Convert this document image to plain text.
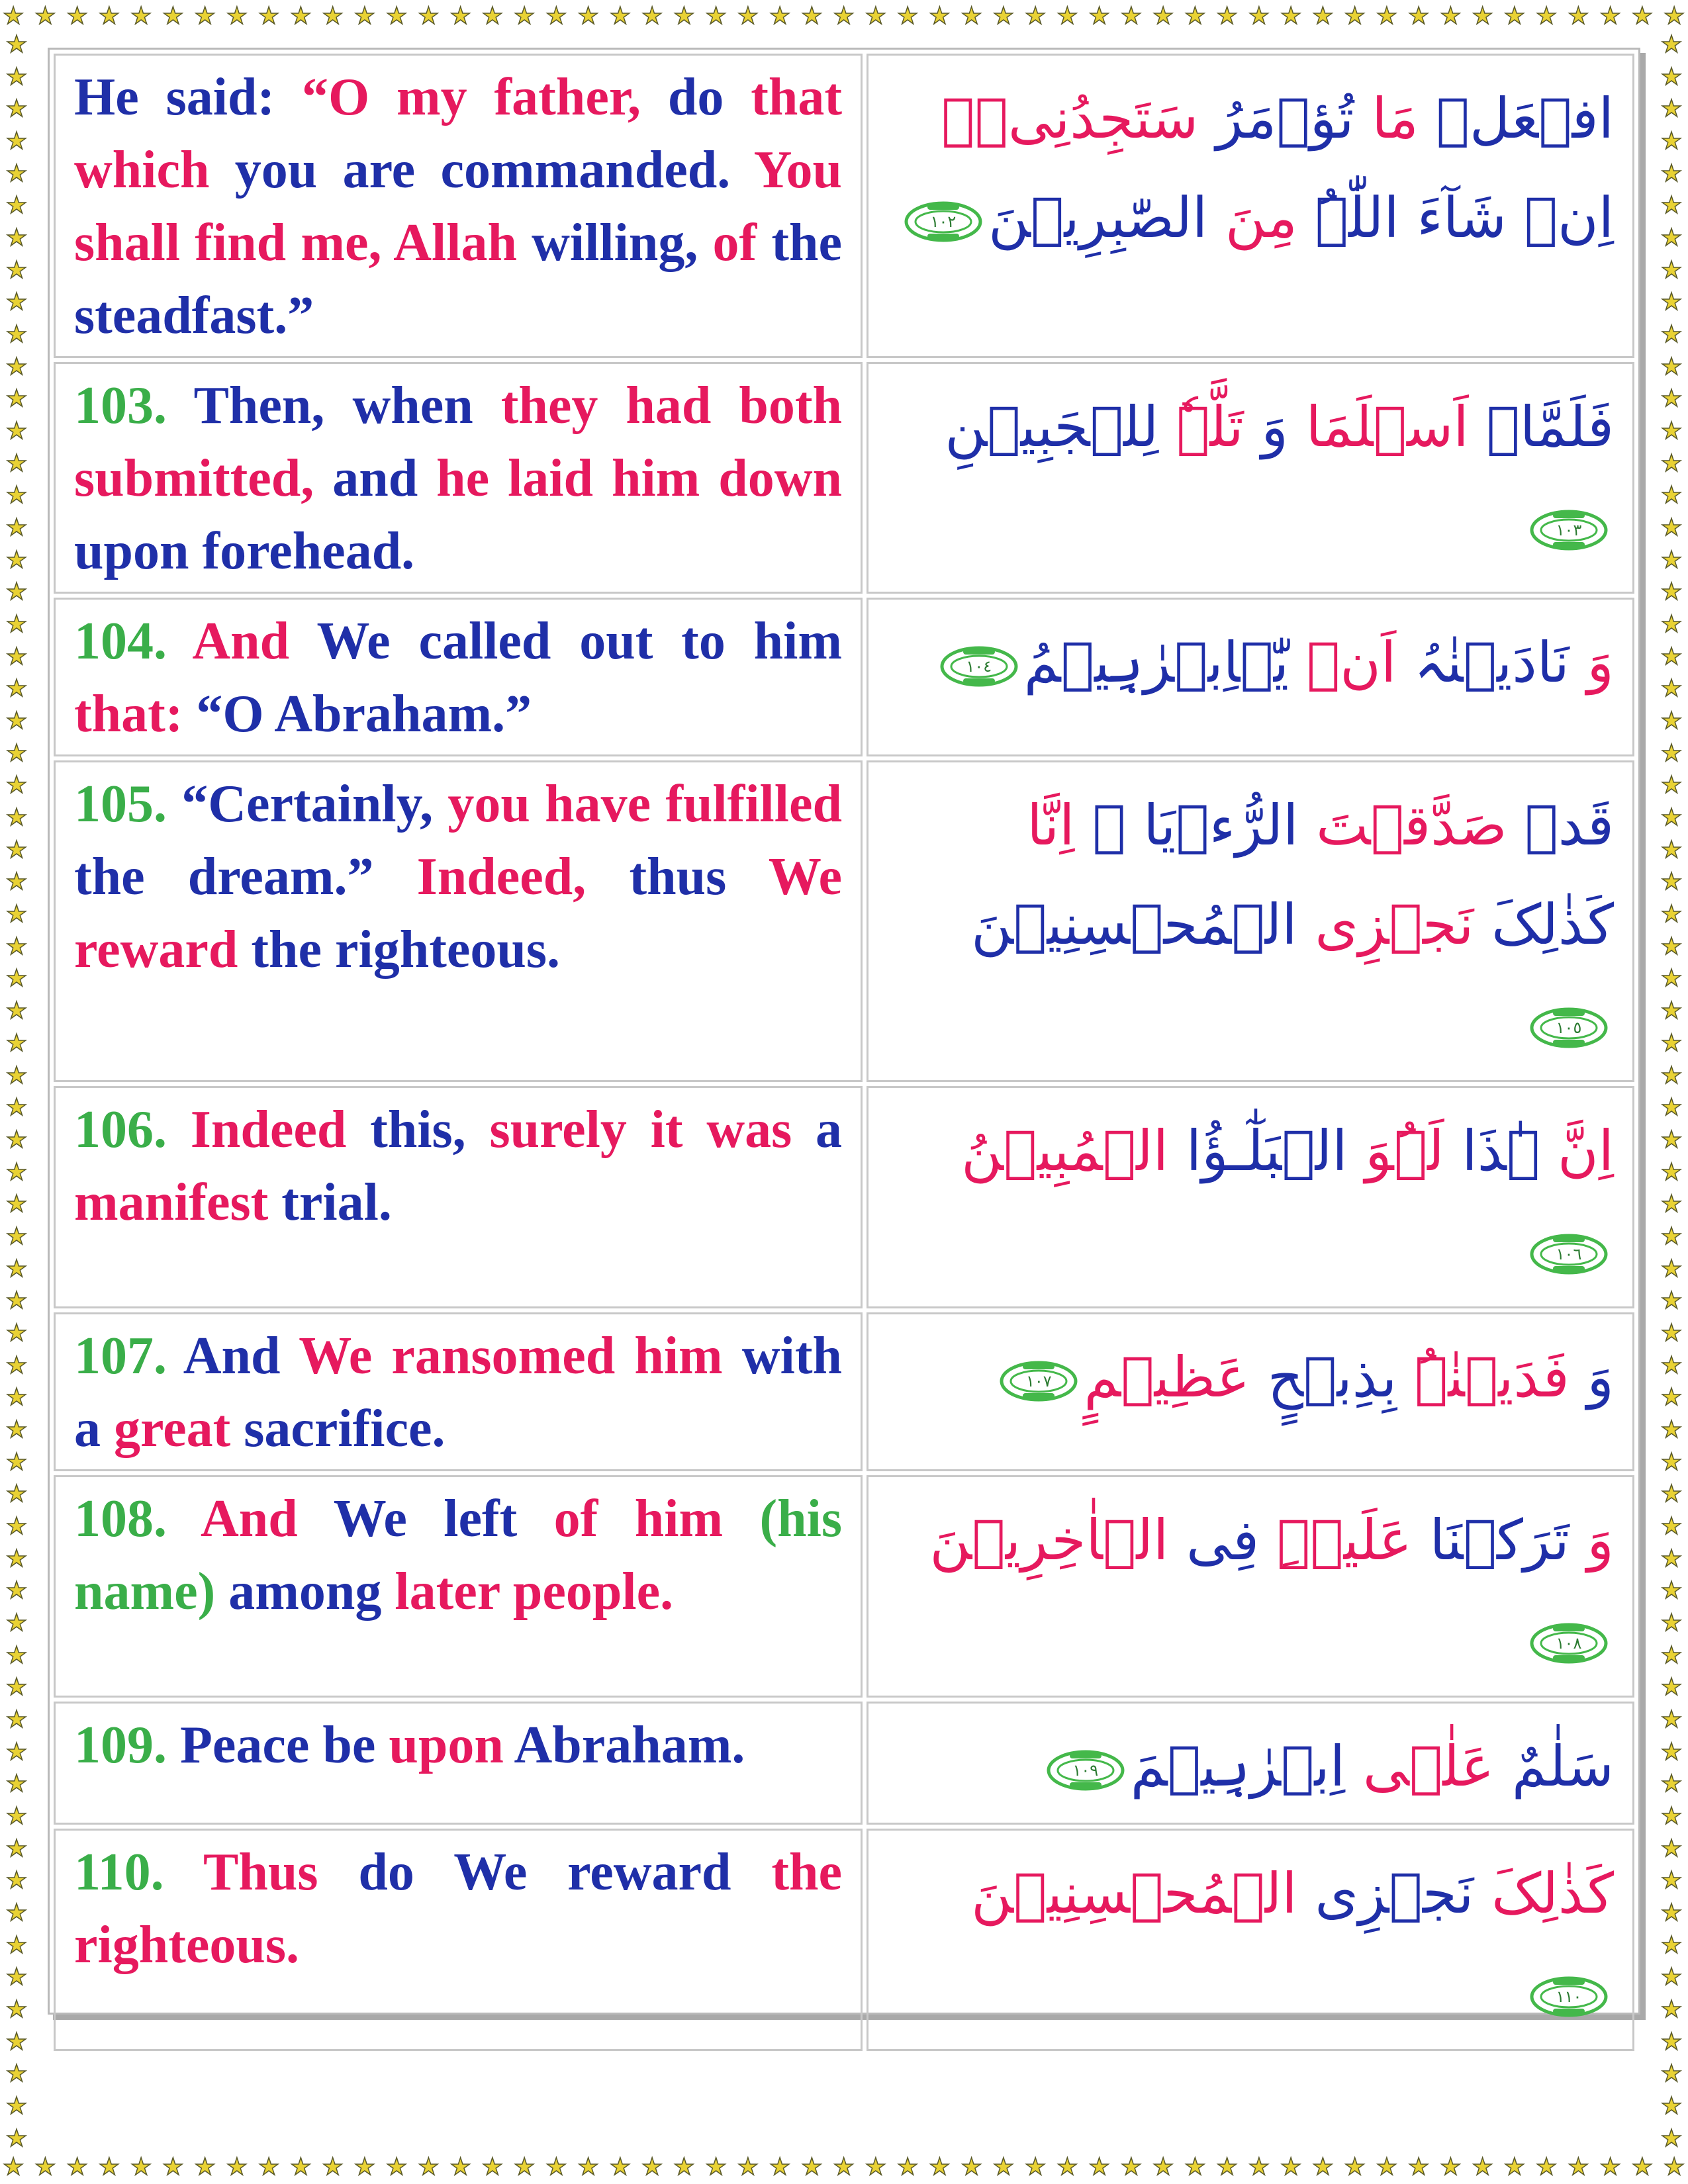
★ ★ ★ ★ ★ ★ ★ ★ ★ ★ ★ ★ ★ ★ ★ ★ ★ ★ ★ ★ ★ ★ ★ ★ ★ ★ ★ ★ ★ ★ ★ ★ ★ ★ ★ ★ ★ ★ ★ ★ ★ ★ ★ ★ ★ ★ ★ ★ ★ ★ ★ ★ ★
★ ★ ★ ★ ★ ★ ★ ★ ★ ★ ★ ★ ★ ★ ★ ★ ★ ★ ★ ★ ★ ★ ★ ★ ★ ★ ★ ★ ★ ★ ★ ★ ★ ★ ★ ★ ★ ★ ★ ★ ★ ★ ★ ★ ★ ★ ★ ★ ★ ★ ★ ★ ★
★
★
★
★
★
★
★
★
★
★
★
★
★
★
★
★
★
★
★
★
★
★
★
★
★
★
★
★
★
★
★
★
★
★
★
★
★
★
★
★
★
★
★
★
★
★
★
★
★
★
★
★
★
★
★
★
★
★
★
★
★
★
★
★
★
★
★
★
★
★
★
★
★
★
★
★
★
★
★
★
★
★
★
★
★
★
★
★
★
★
★
★
★
★
★
★
★
★
★
★
★
★
★
★
★
★
★
★
★
★
★
★
★
★
★
★
★
★
★
★
★
★
★
★
★
★
★
★
★
★
★
★
He said: “O my father, do that which you are commanded. You shall find me, Allah willing, of the steadfast.”	افۡعَلۡ مَا تُؤۡمَرُ سَتَجِدُنِیۡۤ اِنۡ شَآءَ اللّٰہُ مِنَ الصّٰبِرِیۡنَ
١٠٢

103. Then, when they had both submitted, and he laid him down upon forehead.	فَلَمَّاۤ اَسۡلَمَا وَ تَلَّہٗ لِلۡجَبِیۡنِ
١٠٣

104. And We called out to him that: “O Abraham.”	وَ نَادَیۡنٰہُ اَنۡ یّٰۤاِبۡرٰہِیۡمُ
١٠٤

105. “Certainly, you have fulfilled the dream.” Indeed, thus We reward the righteous.	قَدۡ صَدَّقۡتَ الرُّءۡیَا ۚ اِنَّا کَذٰلِکَ نَجۡزِی الۡمُحۡسِنِیۡنَ
١٠٥

106. Indeed this, surely it was a manifest trial.	اِنَّ ہٰذَا لَہُوَ الۡبَلٰٓـؤُا الۡمُبِیۡنُ
١٠٦

107. And We ransomed him with a great sacrifice.	وَ فَدَیۡنٰہُ بِذِبۡحٍ عَظِیۡمٍ
١٠٧

108. And We left of him (his name) among later people.	وَ تَرَکۡنَا عَلَیۡہِ فِی الۡاٰخِرِیۡنَ
١٠٨

109. Peace be upon Abraham.	سَلٰمٌ عَلٰۤی اِبۡرٰہِیۡمَ
١٠٩

110. Thus do We reward the righteous.	کَذٰلِکَ نَجۡزِی الۡمُحۡسِنِیۡنَ
١١٠
